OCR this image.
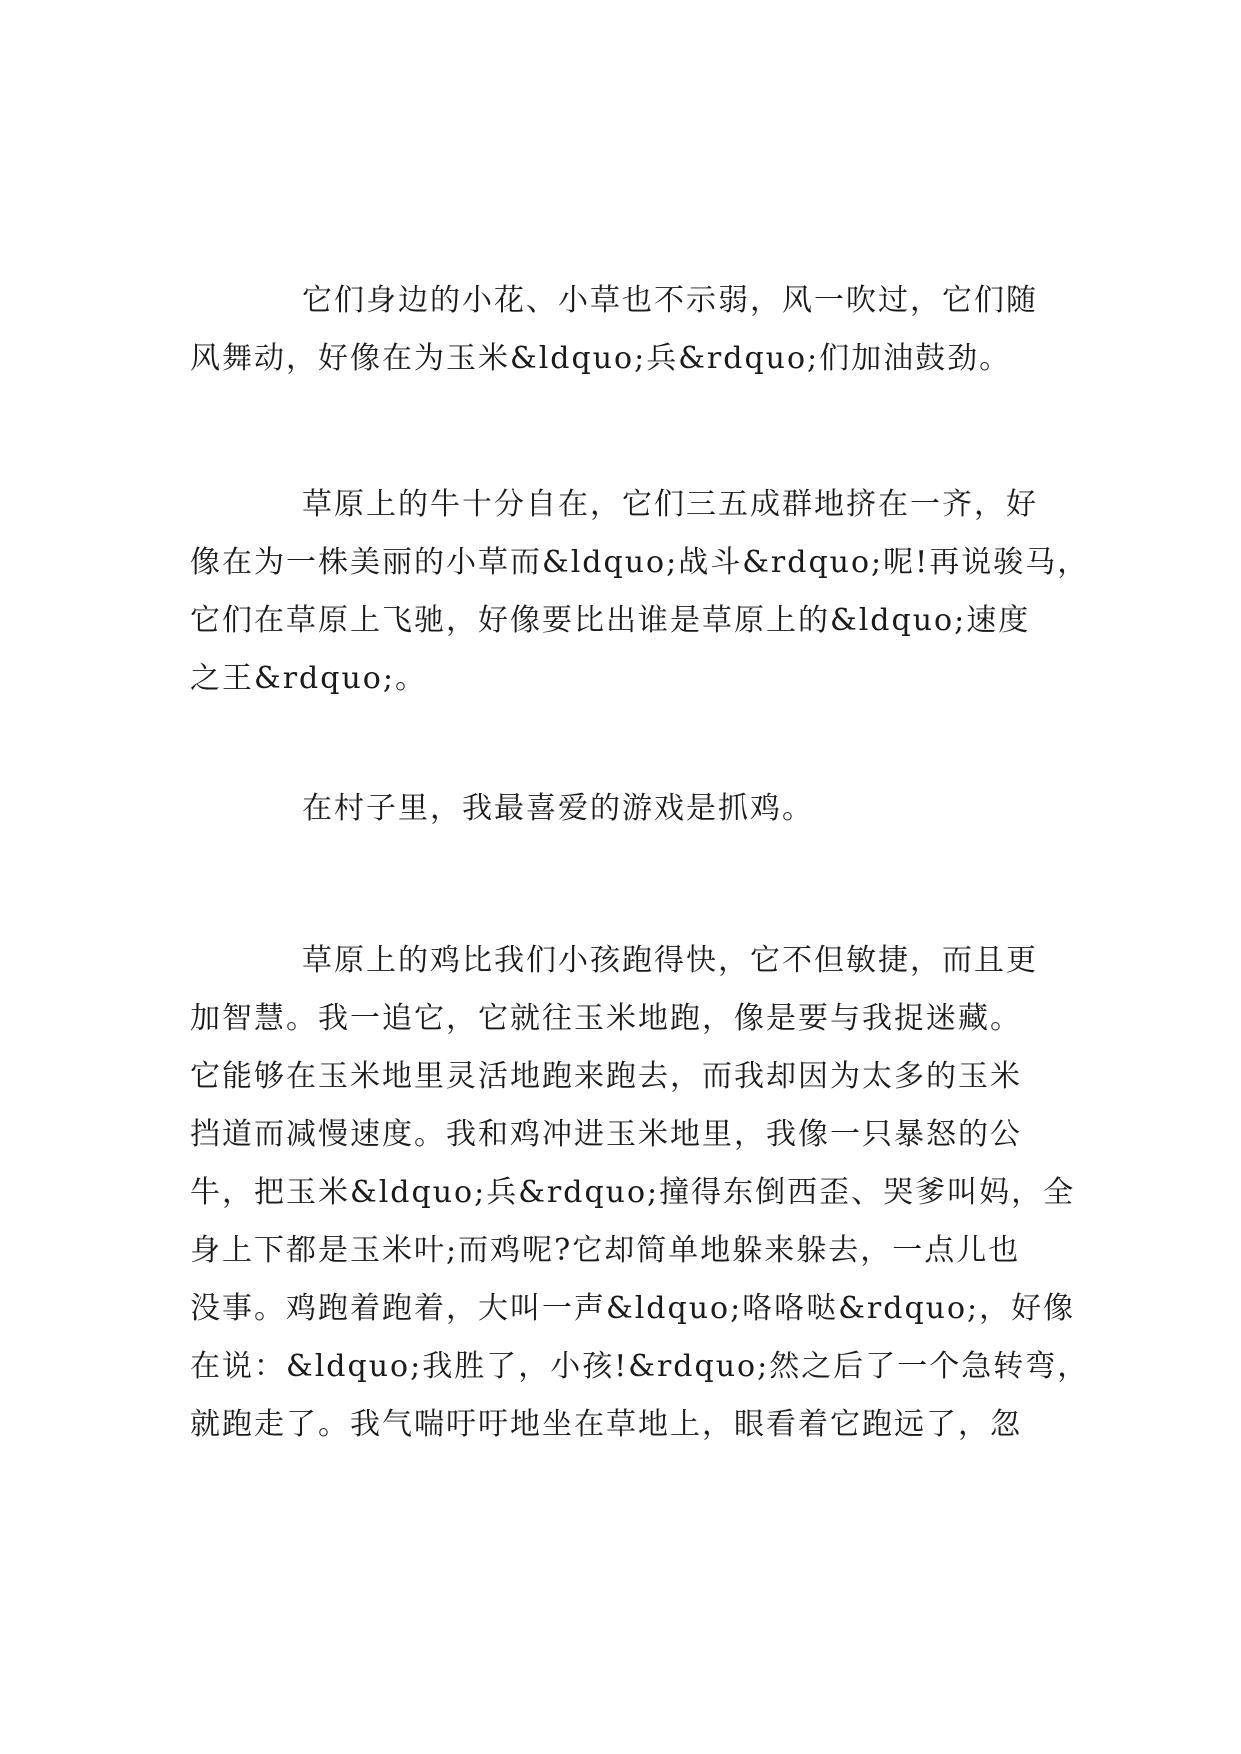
它们身边的小花、小草也不示弱，风一吹过，它们随
风舞动，好像在为玉米&ldquo;兵&rdquo;们加油鼓劲。
草原上的牛十分自在，它们三五成群地挤在一齐，好
像在为一株美丽的小草而&ldquo;战斗&rdquo;呢!再说骏马，
它们在草原上飞驰，好像要比出谁是草原上的&ldquo;速度
之王&rdquo;。
在村子里，我最喜爱的游戏是抓鸡。
草原上的鸡比我们小孩跑得快，它不但敏捷，而且更
加智慧。我一追它，它就往玉米地跑，像是要与我捉迷藏。
它能够在玉米地里灵活地跑来跑去，而我却因为太多的玉米
挡道而减慢速度。我和鸡冲进玉米地里，我像一只暴怒的公
牛，把玉米&ldquo;兵&rdquo;撞得东倒西歪、哭爹叫妈，全
身上下都是玉米叶;而鸡呢?它却简单地躲来躲去，一点儿也
没事。鸡跑着跑着，大叫一声&ldquo;咯咯哒&rdquo;，好像
在说：&ldquo;我胜了，小孩!&rdquo;然之后了一个急转弯，
就跑走了。我气喘吁吁地坐在草地上，眼看着它跑远了，忽
